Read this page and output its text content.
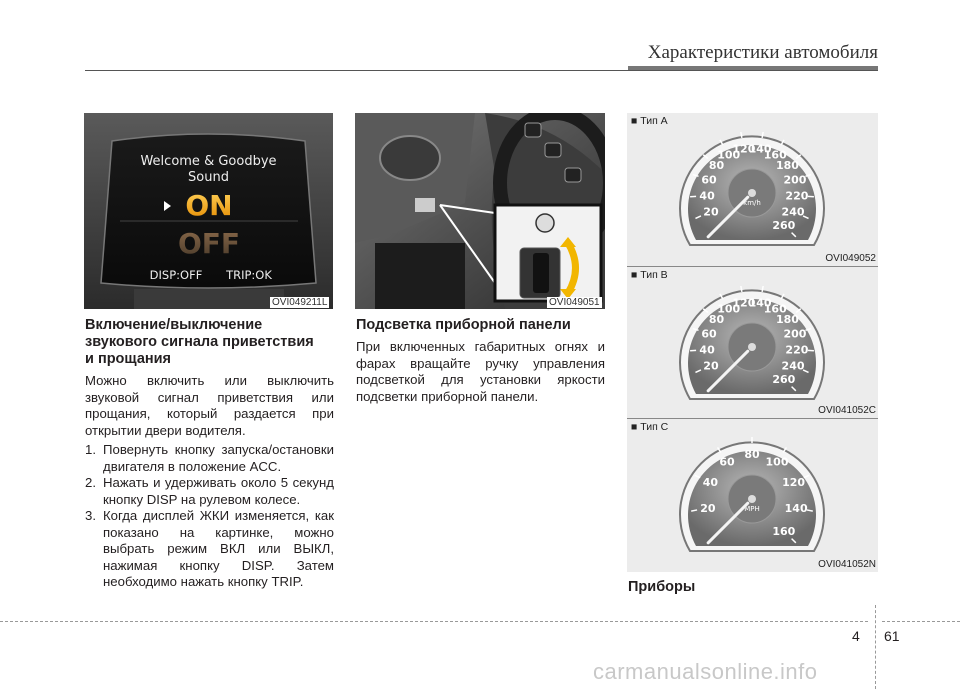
Характеристики автомобиля
Welcome & Goodbye
Sound
ON
OFF
DISP:OFF TRIP:OK
OVI049211L	OVI049051
Включение/выключение
звукового сигнала приветствия
и прощания
Можно включить или выключить звуковой сигнал приветствия или прощания, который раздается при открытии двери водителя.
1. Повернуть кнопку запуска/остановки двигателя в положение ACC.
2. Нажать и удерживать около 5 секунд кнопку DISP на рулевом колесе.
3. Когда дисплей ЖКИ изменяется, как показано на картинке, можно выбрать режим ВКЛ или ВЫКЛ, нажимая кнопку DISP. Затем необходимо нажать кнопку TRIP.
Подсветка приборной панели
При включенных габаритных огнях и фарах вращайте ручку управления подсветкой для установки яркости подсветки приборной панели.
■ Тип A
20
40
60
80
100
120
140
160
180
200
220
240
260
km/h
OVI049052
■ Тип B
20
40
60
80
100
120
140
160
180
200
220
240
260
OVI041052C
■ Тип C
20
40
60
80
100
120
140
160
MPH
OVI041052N
Приборы
4 61
carmanualsonline.info
